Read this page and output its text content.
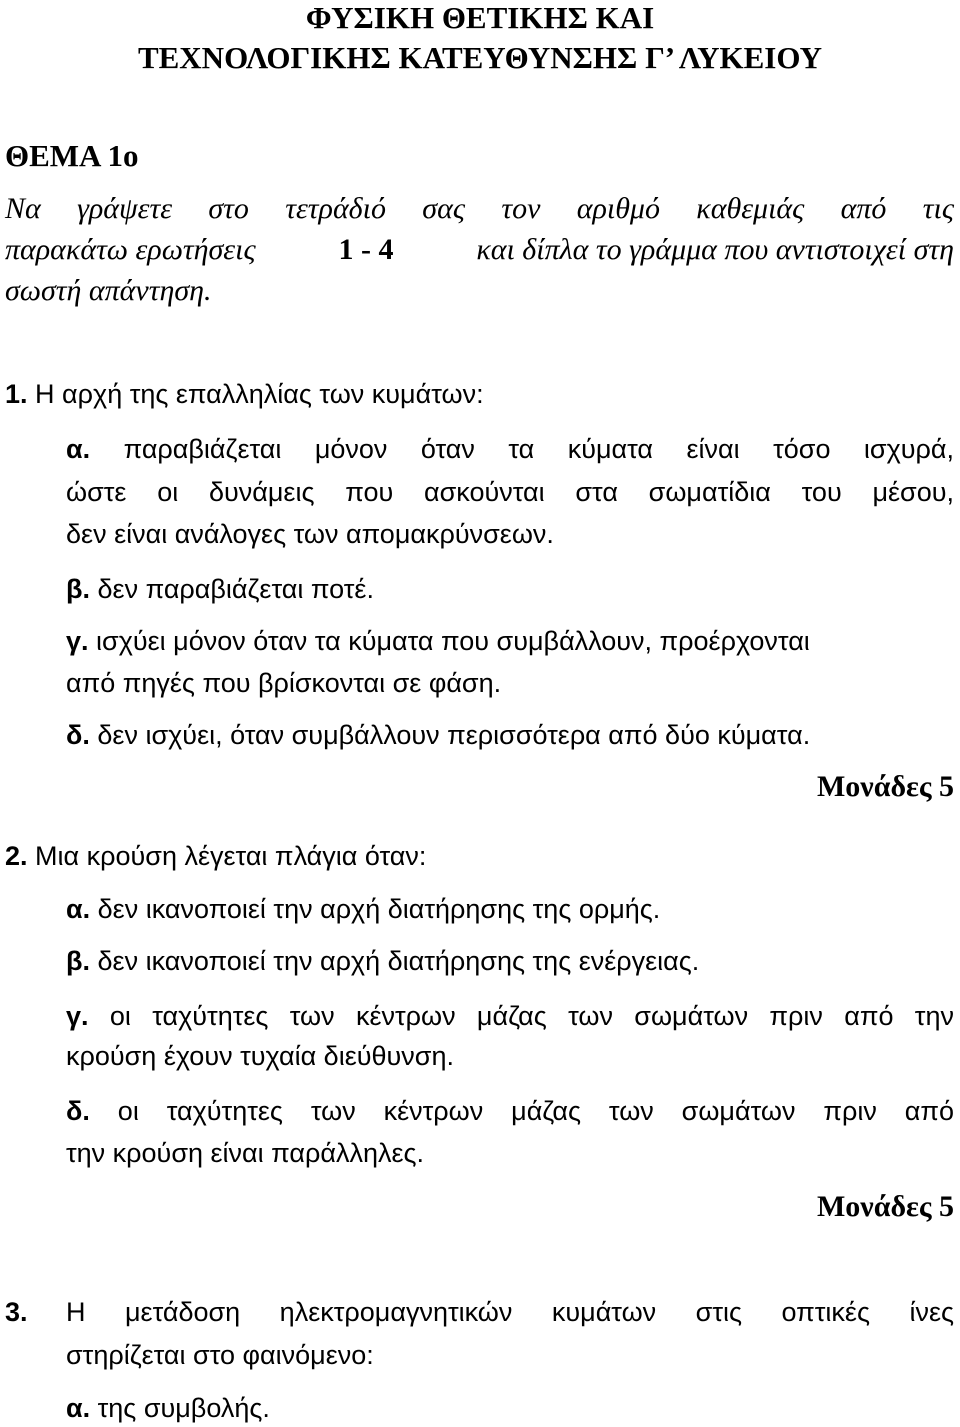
ΦΥΣΙΚΗ ΘΕΤΙΚΗΣ ΚΑΙ
ΤΕΧΝΟΛΟΓΙΚΗΣ ΚΑΤΕΥΘΥΝΣΗΣ Γ’ ΛΥΚΕΙΟΥ
ΘΕΜΑ 1ο
Να γράψετε στο τετράδιό σας τον αριθμό καθεμιάς από τις
παρακάτω ερωτήσεις	1 - 4	και δίπλα το γράμμα που αντιστοιχεί στη
σωστή απάντηση.
1. Η αρχή της επαλληλίας των κυμάτων:
α. παραβιάζεται μόνον όταν τα κύματα είναι τόσο ισχυρά,
ώστε οι δυνάμεις που ασκούνται στα σωματίδια του μέσου,
δεν είναι ανάλογες των απομακρύνσεων.
β. δεν παραβιάζεται ποτέ.
γ. ισχύει μόνον όταν τα κύματα που συμβάλλουν, προέρχονται
από πηγές που βρίσκονται σε φάση.
δ. δεν ισχύει, όταν συμβάλλουν περισσότερα από δύο κύματα.
Μονάδες 5
2. Μια κρούση λέγεται πλάγια όταν:
α. δεν ικανοποιεί την αρχή διατήρησης της ορμής.
β. δεν ικανοποιεί την αρχή διατήρησης της ενέργειας.
γ. οι ταχύτητες των κέντρων μάζας των σωμάτων πριν από την
κρούση έχουν τυχαία διεύθυνση.
δ. οι ταχύτητες των κέντρων μάζας των σωμάτων πριν από
την κρούση είναι παράλληλες.
Μονάδες 5
3. Η μετάδοση ηλεκτρομαγνητικών κυμάτων στις οπτικές ίνες
στηρίζεται στο φαινόμενο:
α. της συμβολής.
